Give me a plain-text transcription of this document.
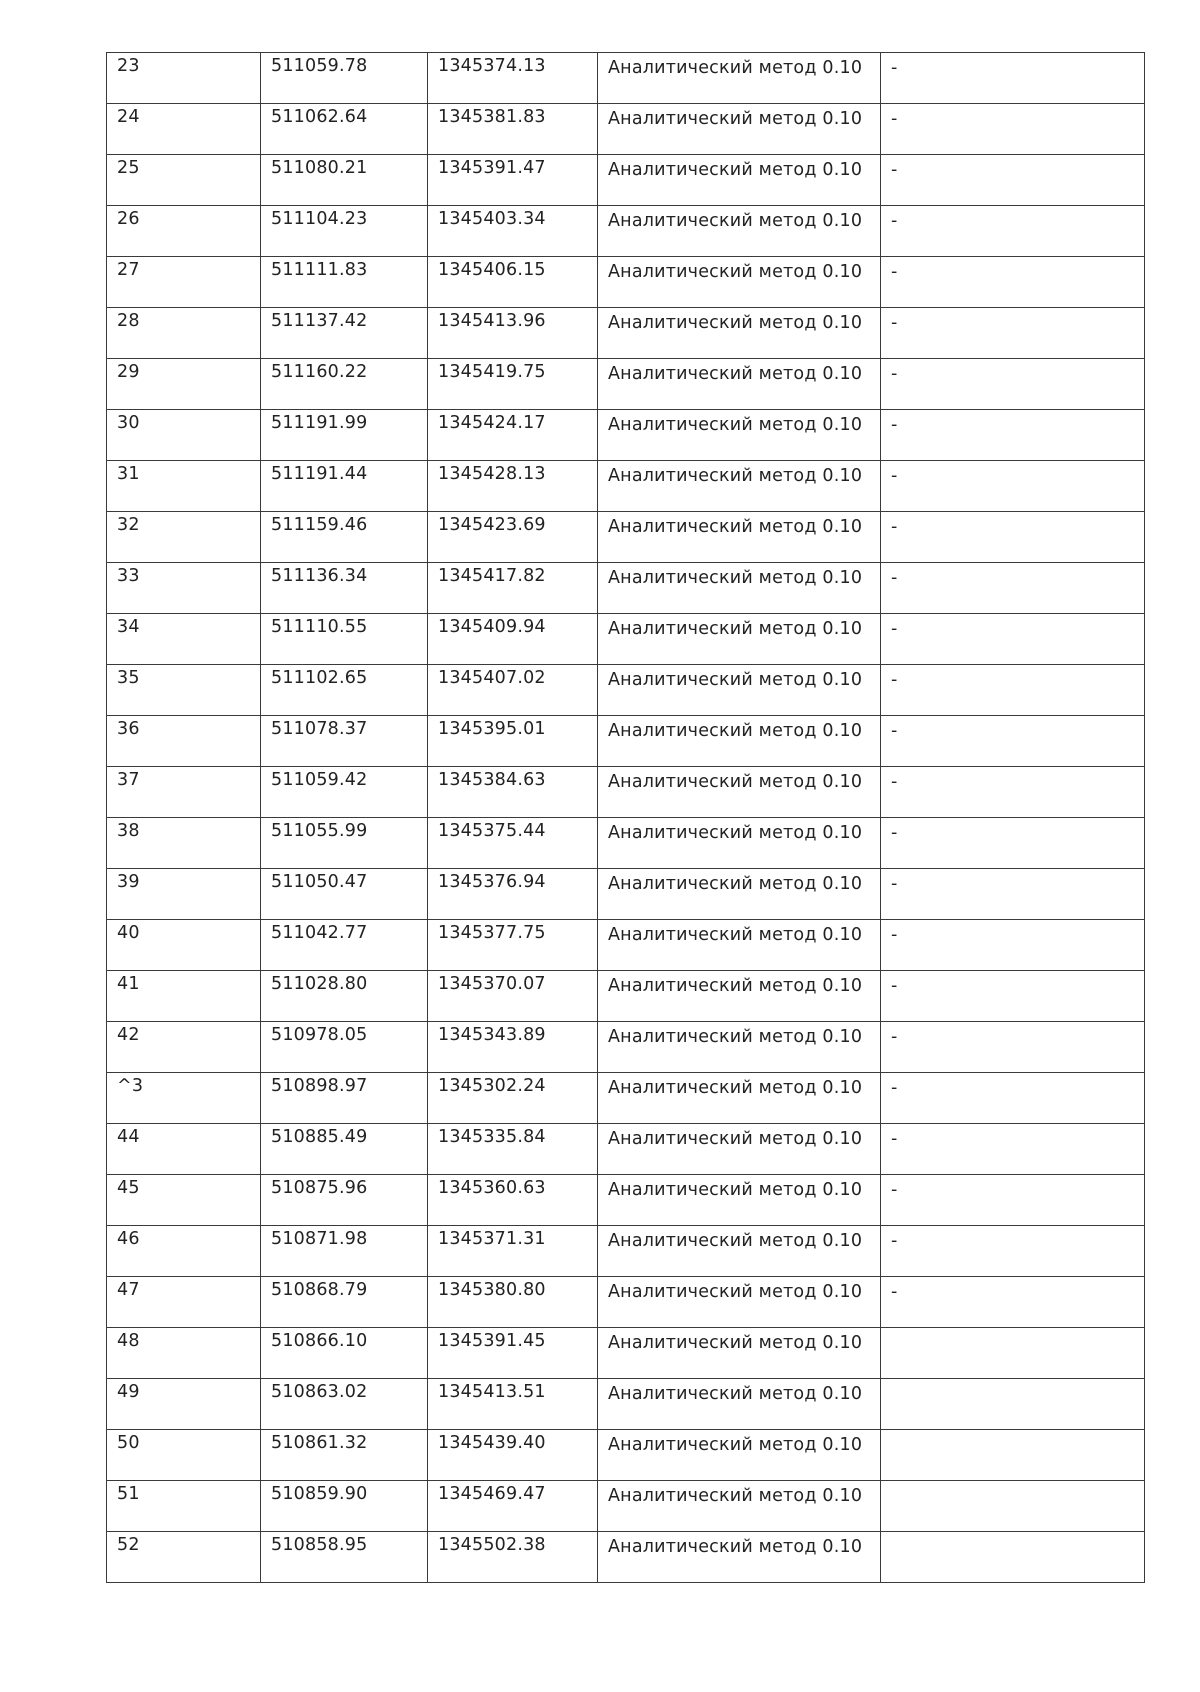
23	511059.78	1345374.13	Аналитический метод 0.10	-
24	511062.64	1345381.83	Аналитический метод 0.10	-
25	511080.21	1345391.47	Аналитический метод 0.10	-
26	511104.23	1345403.34	Аналитический метод 0.10	-
27	511111.83	1345406.15	Аналитический метод 0.10	-
28	511137.42	1345413.96	Аналитический метод 0.10	-
29	511160.22	1345419.75	Аналитический метод 0.10	-
30	511191.99	1345424.17	Аналитический метод 0.10	-
31	511191.44	1345428.13	Аналитический метод 0.10	-
32	511159.46	1345423.69	Аналитический метод 0.10	-
33	511136.34	1345417.82	Аналитический метод 0.10	-
34	511110.55	1345409.94	Аналитический метод 0.10	-
35	511102.65	1345407.02	Аналитический метод 0.10	-
36	511078.37	1345395.01	Аналитический метод 0.10	-
37	511059.42	1345384.63	Аналитический метод 0.10	-
38	511055.99	1345375.44	Аналитический метод 0.10	-
39	511050.47	1345376.94	Аналитический метод 0.10	-
40	511042.77	1345377.75	Аналитический метод 0.10	-
41	511028.80	1345370.07	Аналитический метод 0.10	-
42	510978.05	1345343.89	Аналитический метод 0.10	-
^3	510898.97	1345302.24	Аналитический метод 0.10	-
44	510885.49	1345335.84	Аналитический метод 0.10	-
45	510875.96	1345360.63	Аналитический метод 0.10	-
46	510871.98	1345371.31	Аналитический метод 0.10	-
47	510868.79	1345380.80	Аналитический метод 0.10	-
48	510866.10	1345391.45	Аналитический метод 0.10	
49	510863.02	1345413.51	Аналитический метод 0.10	
50	510861.32	1345439.40	Аналитический метод 0.10	
51	510859.90	1345469.47	Аналитический метод 0.10	
52	510858.95	1345502.38	Аналитический метод 0.10	
